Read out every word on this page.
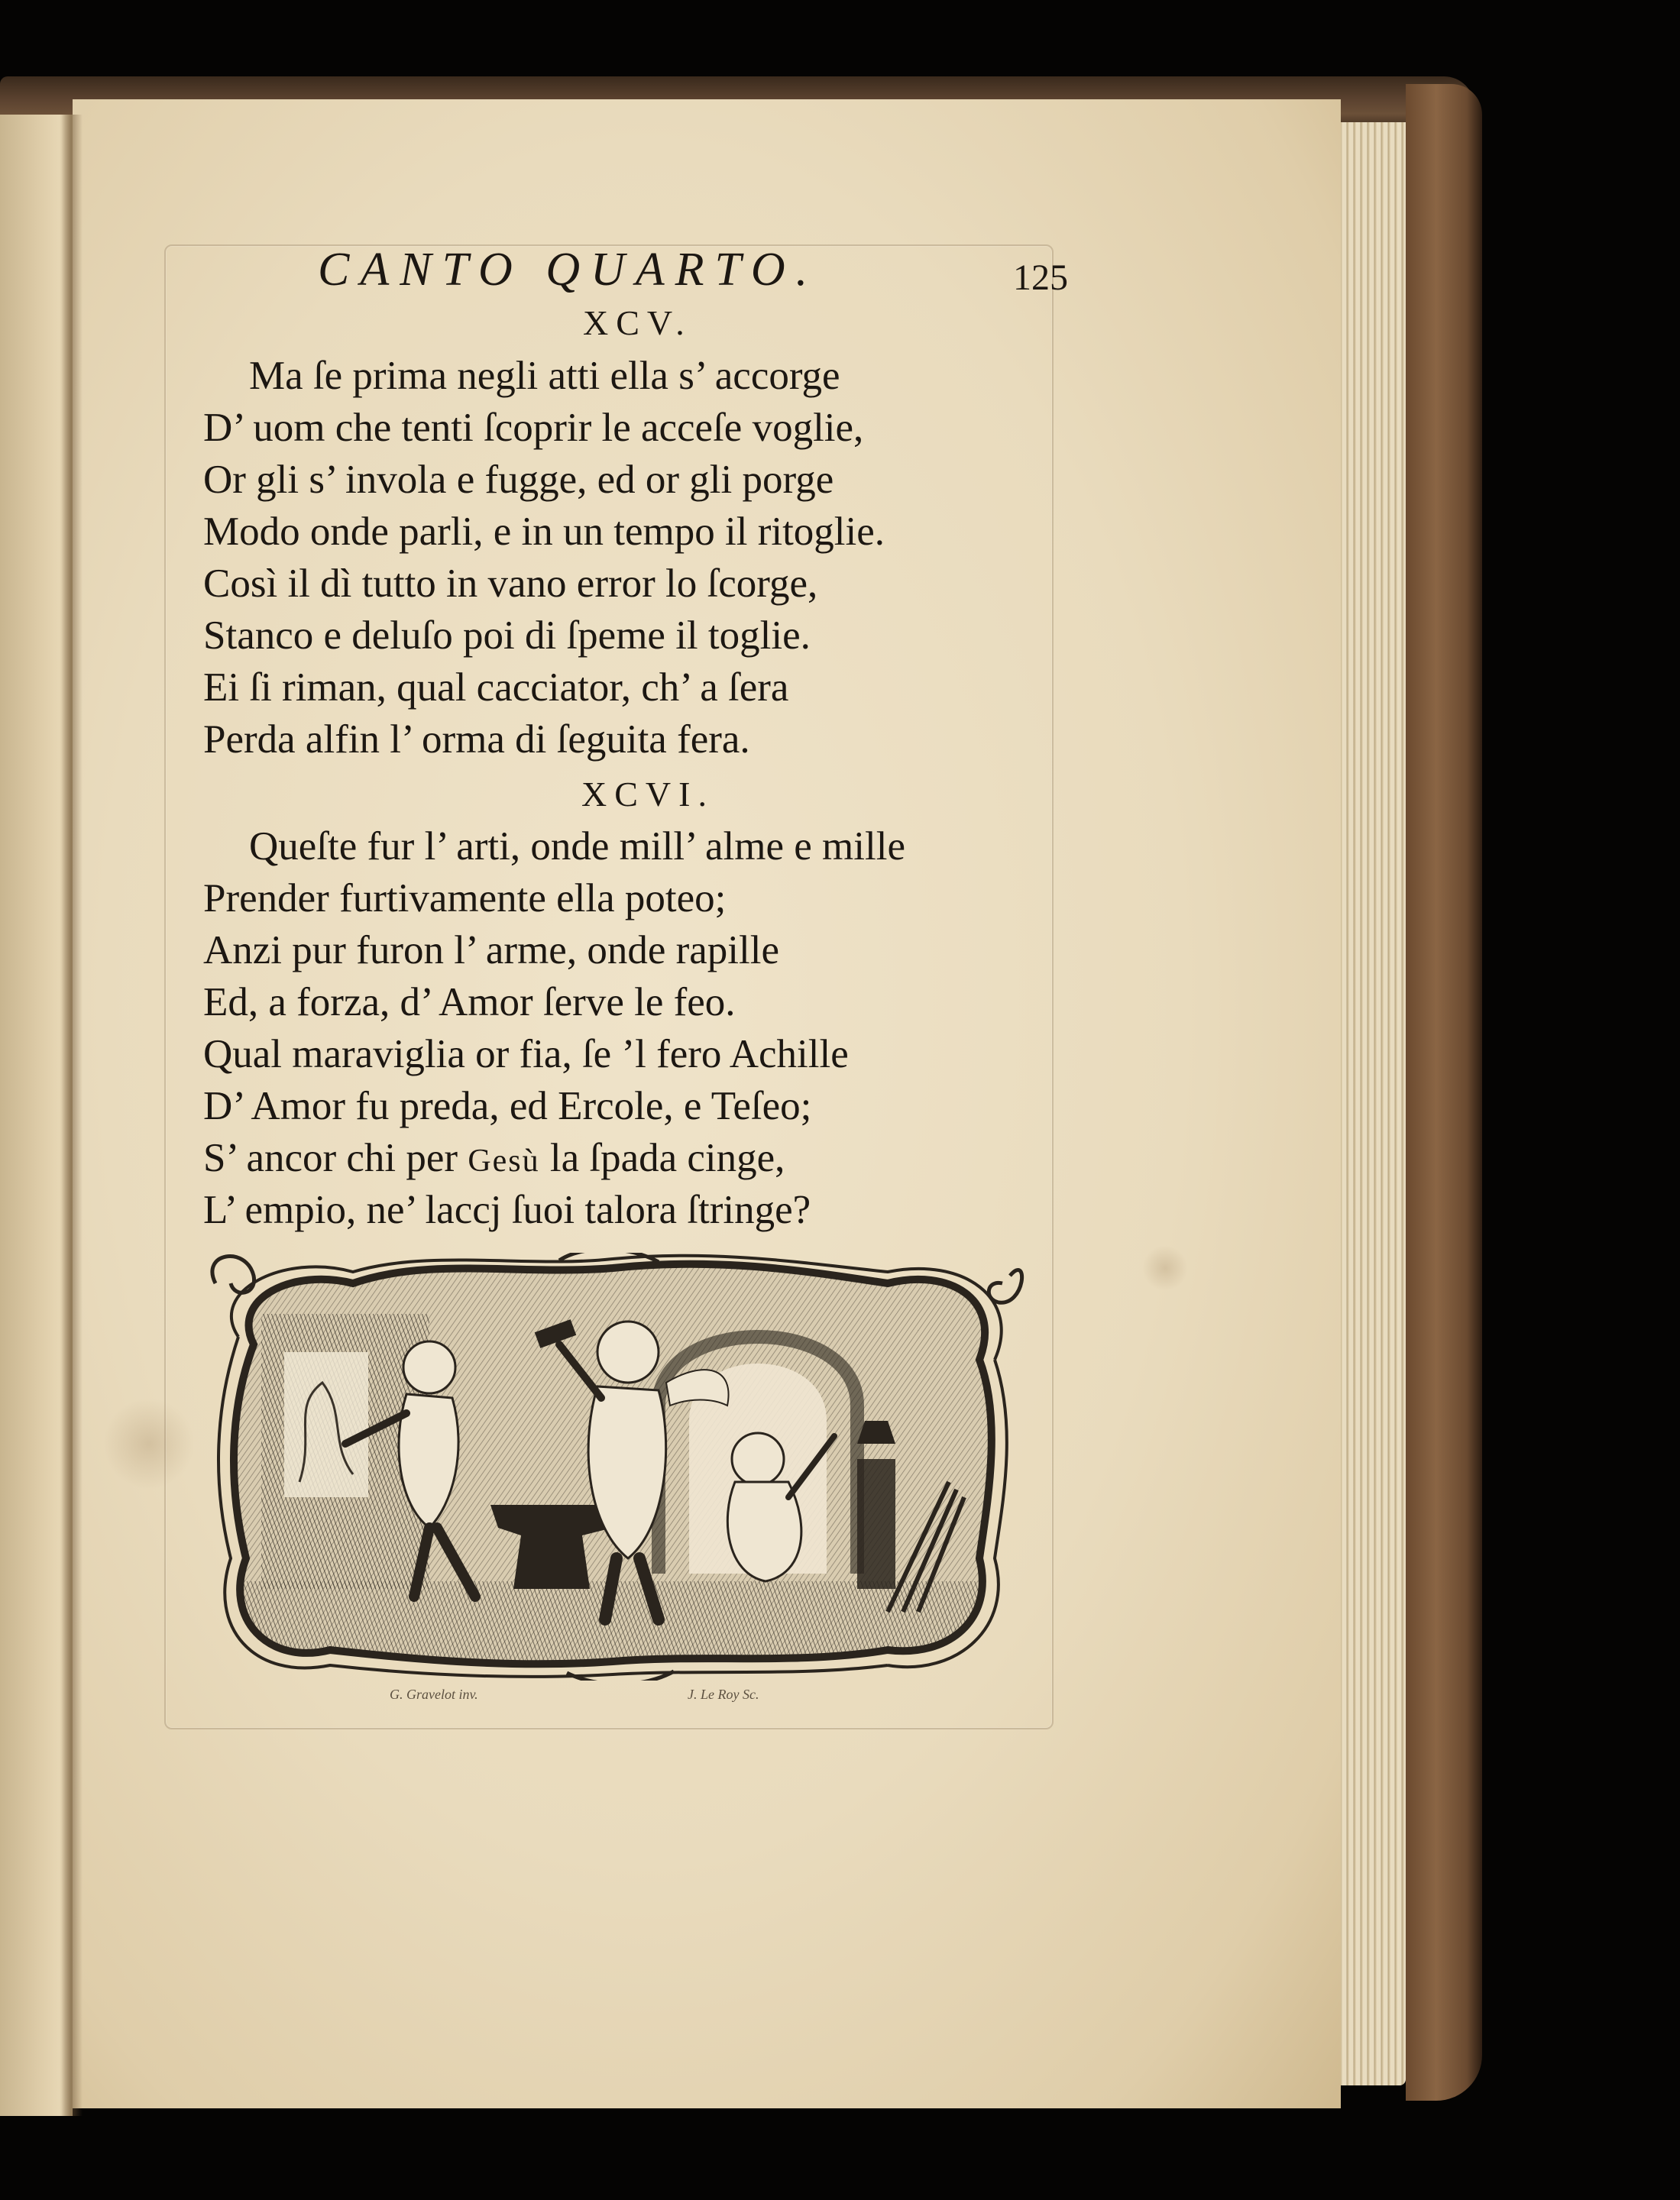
CANTO QUARTO.	125
XCV.
Ma ſe prima negli atti ella s’ accorge
D’ uom che tenti ſcoprir le acceſe voglie,
Or gli s’ invola e fugge, ed or gli porge
Modo onde parli, e in un tempo il ritoglie.
Così il dì tutto in vano error lo ſcorge,
Stanco e deluſo poi di ſpeme il toglie.
Ei ſi riman, qual cacciator, ch’ a ſera
Perda alfin l’ orma di ſeguita fera.
XCVI.
Queſte fur l’ arti, onde mill’ alme e mille
Prender furtivamente ella poteo;
Anzi pur furon l’ arme, onde rapille
Ed, a forza, d’ Amor ſerve le feo.
Qual maraviglia or fia, ſe ’l fero Achille
D’ Amor fu preda, ed Ercole, e Teſeo;
S’ ancor chi per Gesù la ſpada cinge,
L’ empio, ne’ laccj ſuoi talora ſtringe?
G. Gravelot inv.	J. Le Roy Sc.
